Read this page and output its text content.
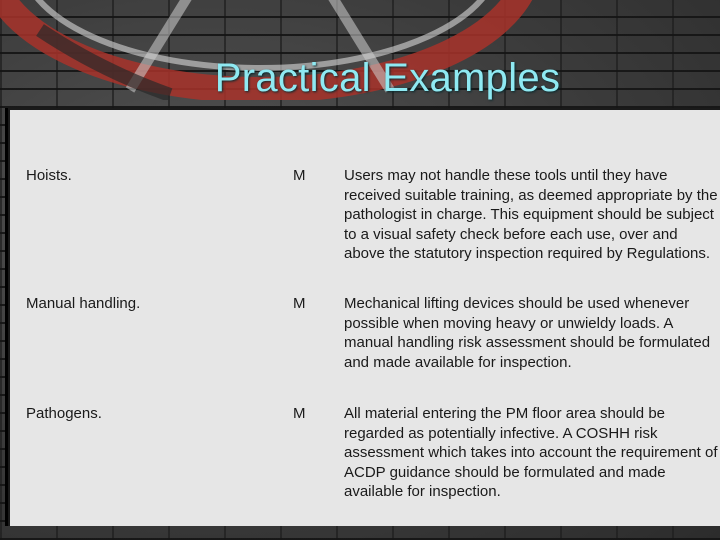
Practical Examples
Hoists.	M	Users may not handle these tools until they have received suitable training, as deemed appropriate by the pathologist in charge. This equipment should be subject to a visual safety check before each use, over and above the statutory inspection required by Regulations.
Manual handling.	M	Mechanical lifting devices should be used whenever possible when moving heavy or unwieldy loads. A manual handling risk assessment should be formulated and made available for inspection.
Pathogens.	M	All material entering the PM floor area should be regarded as potentially infective. A COSHH risk assessment which takes into account the requirement of ACDP guidance should be formulated and made available for inspection.
